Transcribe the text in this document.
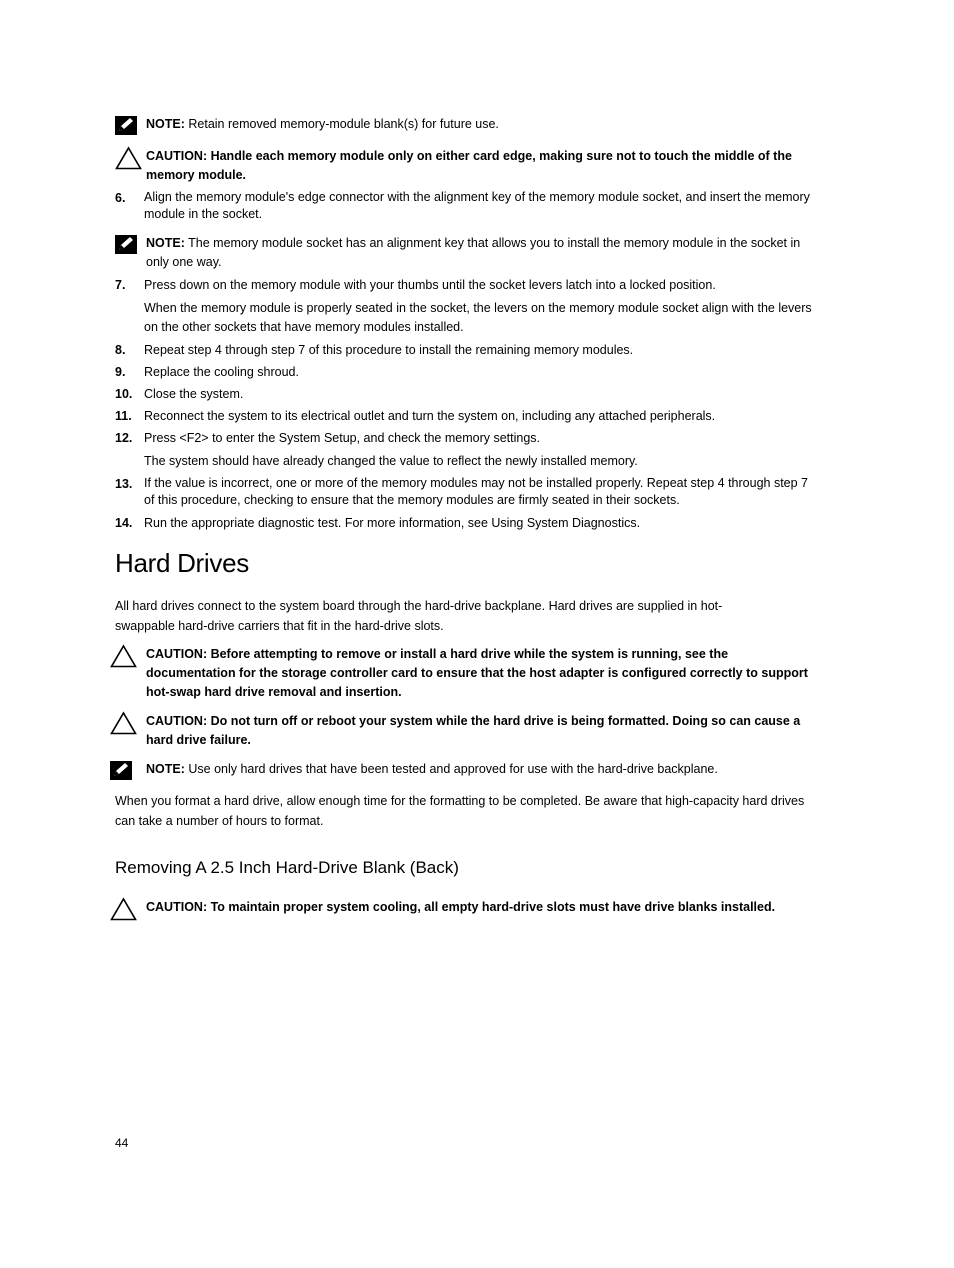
NOTE: Retain removed memory-module blank(s) for future use.
CAUTION: Handle each memory module only on either card edge, making sure not to touch the middle of the memory module.
6.	Align the memory module's edge connector with the alignment key of the memory module socket, and insert the memory module in the socket.
NOTE: The memory module socket has an alignment key that allows you to install the memory module in the socket in only one way.
7.	Press down on the memory module with your thumbs until the socket levers latch into a locked position.
When the memory module is properly seated in the socket, the levers on the memory module socket align with the levers on the other sockets that have memory modules installed.
8.	Repeat step 4 through step 7 of this procedure to install the remaining memory modules.
9.	Replace the cooling shroud.
10. Close the system.
11. Reconnect the system to its electrical outlet and turn the system on, including any attached peripherals.
12. Press <F2> to enter the System Setup, and check the memory settings.
The system should have already changed the value to reflect the newly installed memory.
13. If the value is incorrect, one or more of the memory modules may not be installed properly. Repeat step 4 through step 7 of this procedure, checking to ensure that the memory modules are firmly seated in their sockets.
14. Run the appropriate diagnostic test. For more information, see Using System Diagnostics.
Hard Drives
All hard drives connect to the system board through the hard-drive backplane. Hard drives are supplied in hot-swappable hard-drive carriers that fit in the hard-drive slots.
CAUTION: Before attempting to remove or install a hard drive while the system is running, see the documentation for the storage controller card to ensure that the host adapter is configured correctly to support hot-swap hard drive removal and insertion.
CAUTION: Do not turn off or reboot your system while the hard drive is being formatted. Doing so can cause a hard drive failure.
NOTE: Use only hard drives that have been tested and approved for use with the hard-drive backplane.
When you format a hard drive, allow enough time for the formatting to be completed. Be aware that high-capacity hard drives can take a number of hours to format.
Removing A 2.5 Inch Hard-Drive Blank (Back)
CAUTION: To maintain proper system cooling, all empty hard-drive slots must have drive blanks installed.
44
